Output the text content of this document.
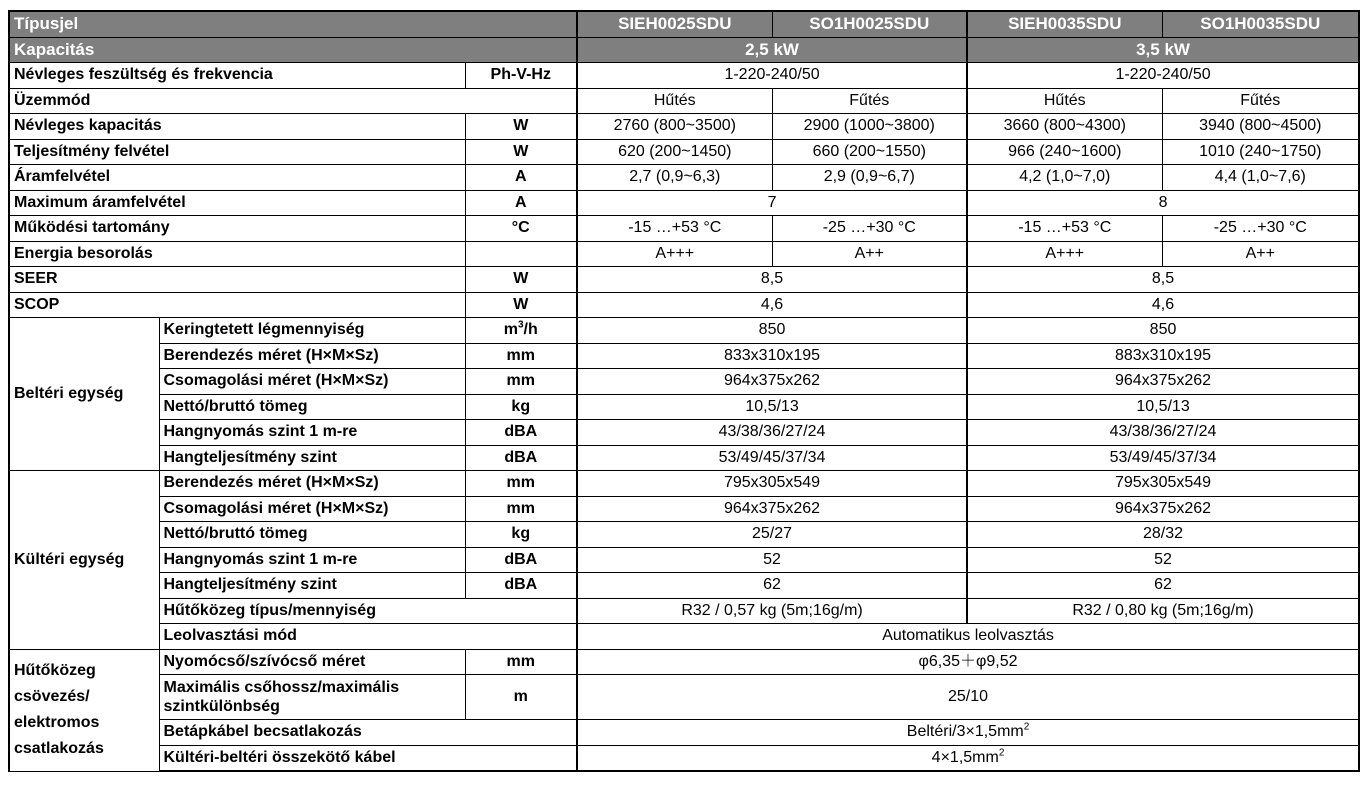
Típusjel			SIEH0025SDU	SO1H0025SDU	SIEH0035SDU	SO1H0035SDU
Kapacitás			2,5 kW		3,5 kW	
Névleges feszültség és frekvencia		Ph-V-Hz	1-220-240/50		1-220-240/50	
Üzemmód			Hűtés	Fűtés	Hűtés	Fűtés
Névleges kapacitás		W	2760 (800~3500)	2900 (1000~3800)	3660 (800~4300)	3940 (800~4500)
Teljesítmény felvétel		W	620 (200~1450)	660 (200~1550)	966 (240~1600)	1010 (240~1750)
Áramfelvétel		A	2,7 (0,9~6,3)	2,9 (0,9~6,7)	4,2 (1,0~7,0)	4,4 (1,0~7,6)
Maximum áramfelvétel		A	7		8	
Működési tartomány		°C	-15 …+53 °C	-25 …+30 °C	-15 …+53 °C	-25 …+30 °C
Energia besorolás			A+++	A++	A+++	A++
SEER		W	8,5		8,5	
SCOP		W	4,6		4,6	
Beltéri egység	Keringtetett légmennyiség	$m^3/h$	850		850	
	Berendezés méret (H×M×Sz)	mm	833x310x195		883x310x195	
	Csomagolási méret (H×M×Sz)	mm	964x375x262		964x375x262	
	Nettó/bruttó tömeg	kg	10,5/13		10,5/13	
	Hangnyomás szint 1 m-re	dBA	43/38/36/27/24		43/38/36/27/24	
	Hangteljesítmény szint	dBA	53/49/45/37/34		53/49/45/37/34	
Kültéri egység	Berendezés méret (H×M×Sz)	mm	795x305x549		795x305x549	
	Csomagolási méret (H×M×Sz)	mm	964x375x262		964x375x262	
	Nettó/bruttó tömeg	kg	25/27		28/32	
	Hangnyomás szint 1 m-re	dBA	52		52	
	Hangteljesítmény szint	dBA	62		62	
	Hűtőközeg típus/mennyiség		R32 / 0,57 kg (5m;16g/m)		R32 / 0,80 kg (5m;16g/m)	
	Leolvasztási mód		Automatikus leolvasztás			
Hűtőközeg csövezés/ elektromos csatlakozás	Nyomócső/szívócső méret	mm	φ6,35＋φ9,52			
	Maximális csőhossz/maximális szintkülönbség	m	25/10			
	Betápkábel becsatlakozás		Beltéri/$3\times 1,5mm^2$
	Kültéri-beltéri összekötő kábel		$4\times 1,5mm^2$
